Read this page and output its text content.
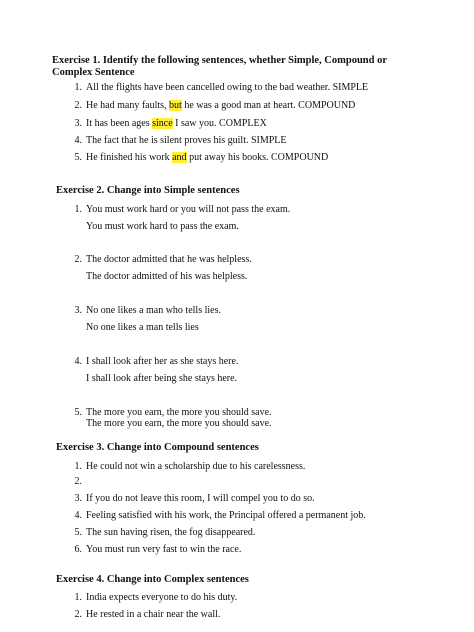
Exercise 1. Identify the following sentences, whether Simple, Compound or
Complex Sentence
1. All the flights have been cancelled owing to the bad weather. SIMPLE
2. He had many faults, but he was a good man at heart. COMPOUND
3. It has been ages since I saw you. COMPLEX
4. The fact that he is silent proves his guilt. SIMPLE
5. He finished his work and put away his books. COMPOUND
Exercise 2. Change into Simple sentences
1. You must work hard or you will not pass the exam.
You must work hard to pass the exam.
2. The doctor admitted that he was helpless.
The doctor admitted of his was helpless.
3. No one likes a man who tells lies.
No one likes a man tells lies
4. I shall look after her as she stays here.
I shall look after being she stays here.
5. The more you earn, the more you should save.
The more you earn, the more you should save.
Exercise 3. Change into Compound sentences
1. He could not win a scholarship due to his carelessness.
2.
3. If you do not leave this room, I will compel you to do so.
4. Feeling satisfied with his work, the Principal offered a permanent job.
5. The sun having risen, the fog disappeared.
6. You must run very fast to win the race.
Exercise 4. Change into Complex sentences
1. India expects everyone to do his duty.
2. He rested in a chair near the wall.
